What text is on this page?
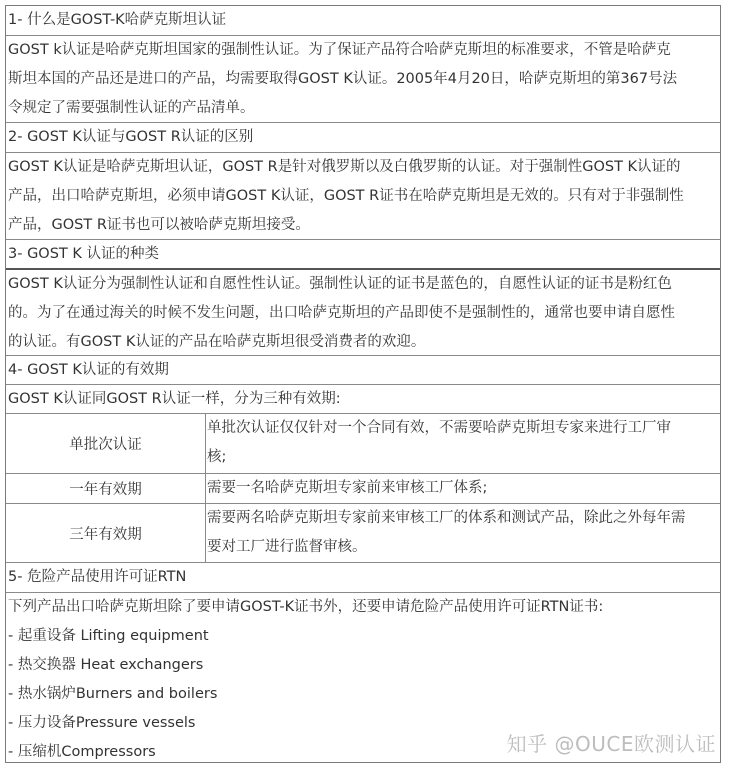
1- 什么是GOST-K哈萨克斯坦认证
GOST k认证是哈萨克斯坦国家的强制性认证。为了保证产品符合哈萨克斯坦的标准要求，不管是哈萨克
斯坦本国的产品还是进口的产品，均需要取得GOST K认证。2005年4月20日，哈萨克斯坦的第367号法
令规定了需要强制性认证的产品清单。
2- GOST K认证与GOST R认证的区别
GOST K认证是哈萨克斯坦认证，GOST R是针对俄罗斯以及白俄罗斯的认证。对于强制性GOST K认证的
产品，出口哈萨克斯坦，必须申请GOST K认证，GOST R证书在哈萨克斯坦是无效的。只有对于非强制性
产品，GOST R证书也可以被哈萨克斯坦接受。
3- GOST K 认证的种类
GOST K认证分为强制性认证和自愿性性认证。强制性认证的证书是蓝色的，自愿性认证的证书是粉红色
的。为了在通过海关的时候不发生问题，出口哈萨克斯坦的产品即使不是强制性的，通常也要申请自愿性
的认证。有GOST K认证的产品在哈萨克斯坦很受消费者的欢迎。
4- GOST K认证的有效期
GOST K认证同GOST R认证一样，分为三种有效期:
单批次认证
单批次认证仅仅针对一个合同有效，不需要哈萨克斯坦专家来进行工厂审
核;
一年有效期	需要一名哈萨克斯坦专家前来审核工厂体系;
三年有效期
需要两名哈萨克斯坦专家前来审核工厂的体系和测试产品，除此之外每年需
要对工厂进行监督审核。
5- 危险产品使用许可证RTN
下列产品出口哈萨克斯坦除了要申请GOST-K证书外，还要申请危险产品使用许可证RTN证书:
- 起重设备 Lifting equipment
- 热交换器 Heat exchangers
- 热水锅炉Burners and boilers
- 压力设备Pressure vessels
- 压缩机Compressors	知乎 @OUCE欧测认证
